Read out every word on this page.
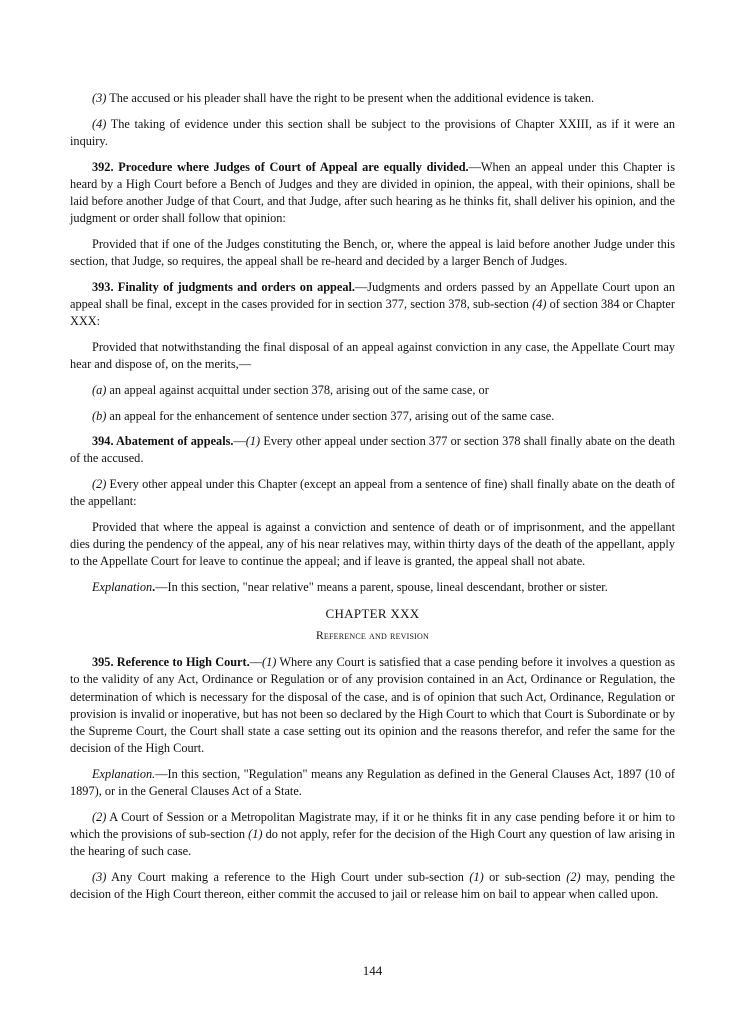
(3) The accused or his pleader shall have the right to be present when the additional evidence is taken.

(4) The taking of evidence under this section shall be subject to the provisions of Chapter XXIII, as if it were an inquiry.

392. Procedure where Judges of Court of Appeal are equally divided.—When an appeal under this Chapter is heard by a High Court before a Bench of Judges and they are divided in opinion, the appeal, with their opinions, shall be laid before another Judge of that Court, and that Judge, after such hearing as he thinks fit, shall deliver his opinion, and the judgment or order shall follow that opinion:

Provided that if one of the Judges constituting the Bench, or, where the appeal is laid before another Judge under this section, that Judge, so requires, the appeal shall be re-heard and decided by a larger Bench of Judges.

393. Finality of judgments and orders on appeal.—Judgments and orders passed by an Appellate Court upon an appeal shall be final, except in the cases provided for in section 377, section 378, sub-section (4) of section 384 or Chapter XXX:

Provided that notwithstanding the final disposal of an appeal against conviction in any case, the Appellate Court may hear and dispose of, on the merits,—

(a) an appeal against acquittal under section 378, arising out of the same case, or

(b) an appeal for the enhancement of sentence under section 377, arising out of the same case.

394. Abatement of appeals.—(1) Every other appeal under section 377 or section 378 shall finally abate on the death of the accused.

(2) Every other appeal under this Chapter (except an appeal from a sentence of fine) shall finally abate on the death of the appellant:

Provided that where the appeal is against a conviction and sentence of death or of imprisonment, and the appellant dies during the pendency of the appeal, any of his near relatives may, within thirty days of the death of the appellant, apply to the Appellate Court for leave to continue the appeal; and if leave is granted, the appeal shall not abate.

Explanation.—In this section, "near relative" means a parent, spouse, lineal descendant, brother or sister.

CHAPTER XXX
Reference and revision

395. Reference to High Court.—(1) Where any Court is satisfied that a case pending before it involves a question as to the validity of any Act, Ordinance or Regulation or of any provision contained in an Act, Ordinance or Regulation, the determination of which is necessary for the disposal of the case, and is of opinion that such Act, Ordinance, Regulation or provision is invalid or inoperative, but has not been so declared by the High Court to which that Court is Subordinate or by the Supreme Court, the Court shall state a case setting out its opinion and the reasons therefor, and refer the same for the decision of the High Court.

Explanation.—In this section, "Regulation" means any Regulation as defined in the General Clauses Act, 1897 (10 of 1897), or in the General Clauses Act of a State.

(2) A Court of Session or a Metropolitan Magistrate may, if it or he thinks fit in any case pending before it or him to which the provisions of sub-section (1) do not apply, refer for the decision of the High Court any question of law arising in the hearing of such case.

(3) Any Court making a reference to the High Court under sub-section (1) or sub-section (2) may, pending the decision of the High Court thereon, either commit the accused to jail or release him on bail to appear when called upon.

144
